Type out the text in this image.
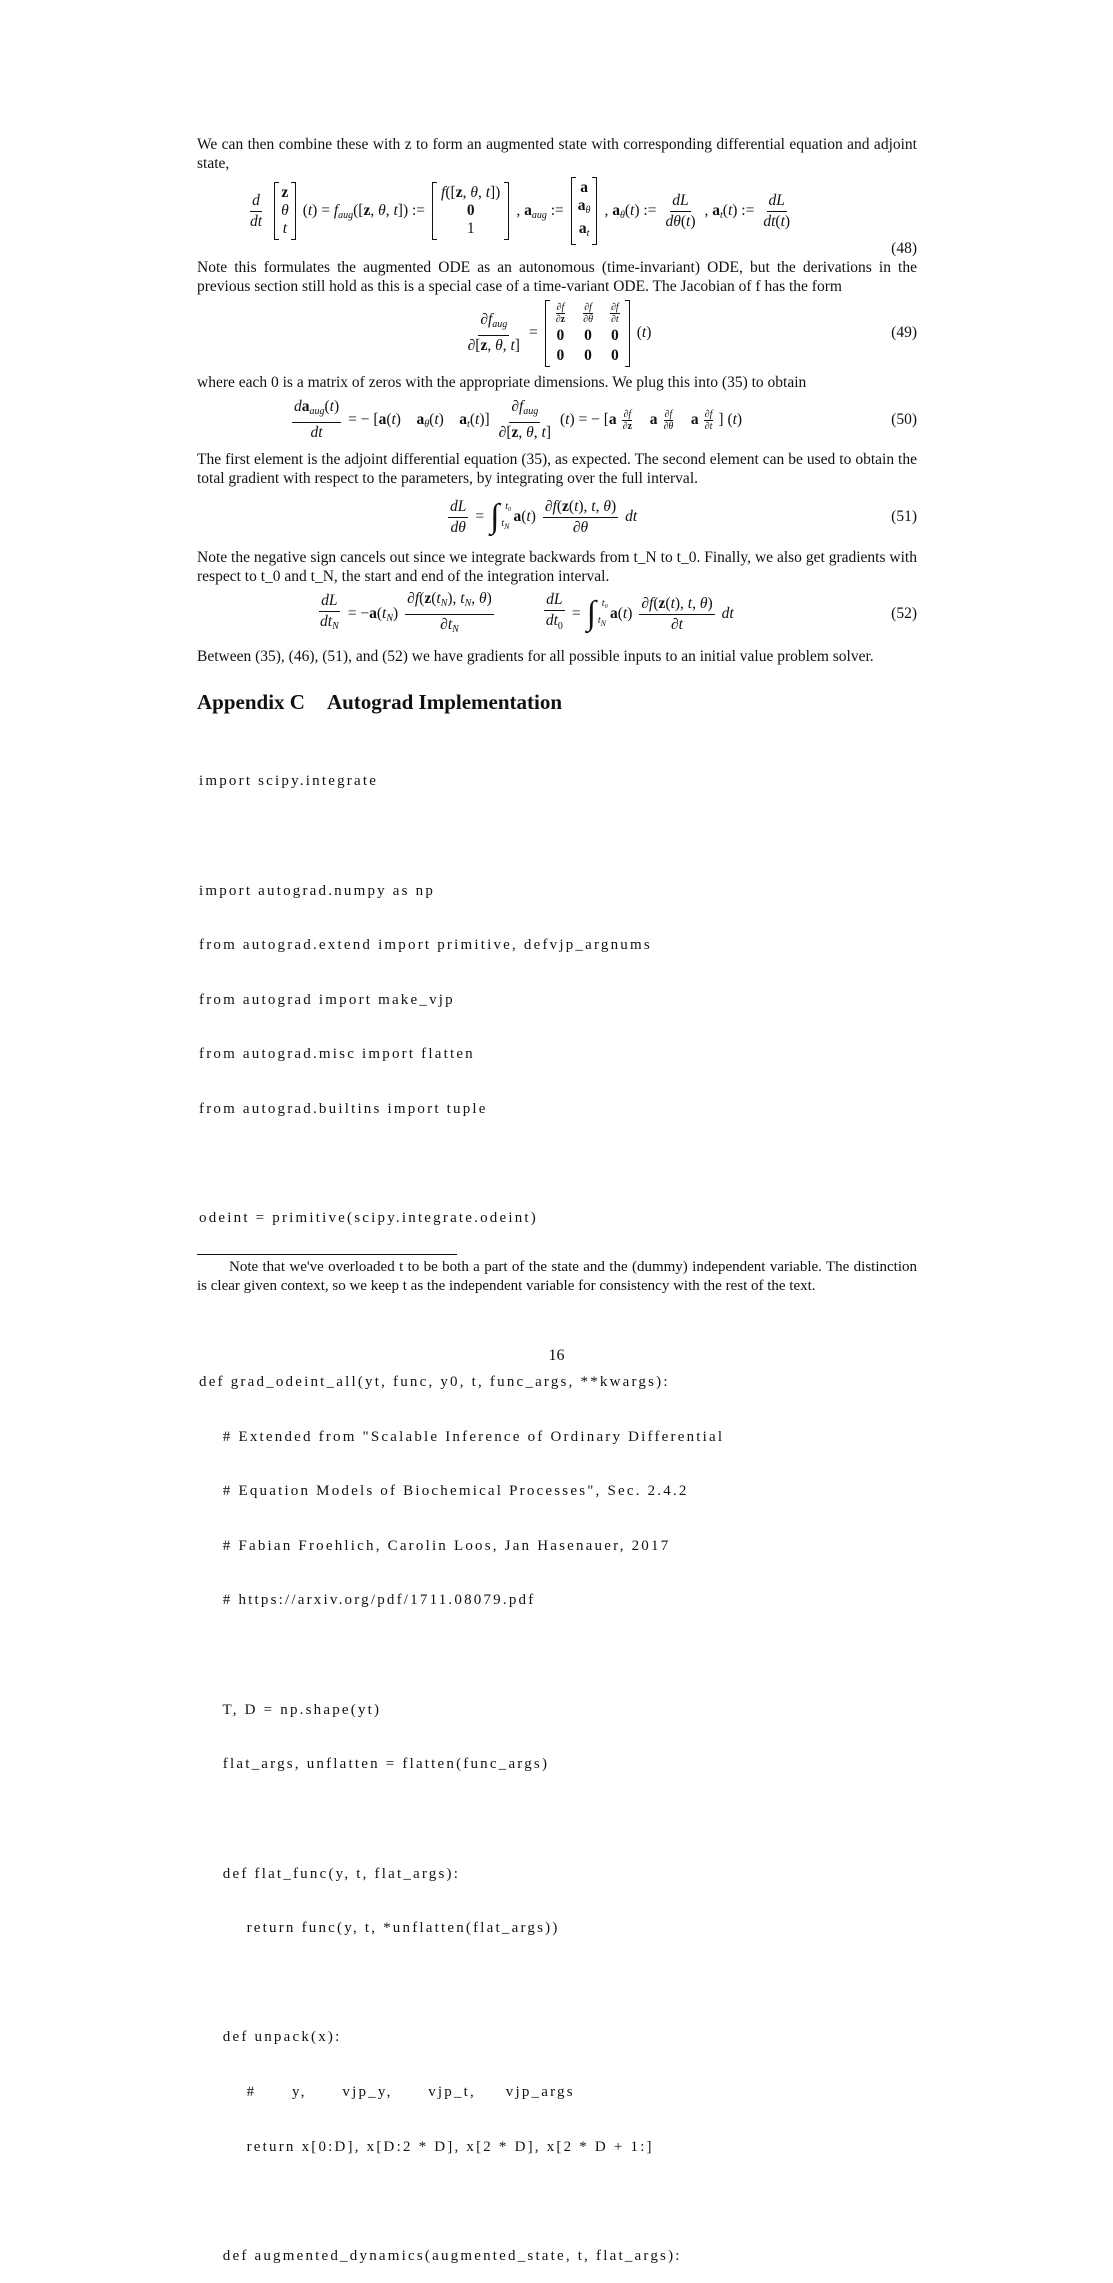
We can then combine these with z to form an augmented state with corresponding differential equation and adjoint state,
$\frac{d}{dt}$ z
θ
t
$(t) = f_{aug}([z$, θ, t]) :=
f([z, θ, t])
0
1
, $a_{aug}$ :=
a
$a_\theta$
$a_t$
, $a_\theta(t)$ := $\frac{dL}{d\theta(t)}$ , $a_t(t)$ := $\frac{dL}{dt(t)}$
(48)
Note this formulates the augmented ODE as an autonomous (time-invariant) ODE, but the derivations in the previous section still hold as this is a special case of a time-variant ODE. The Jacobian of f has the form
$\frac{\partial f_{aug}}{\partial[z, \theta, t]}$ =
$\frac{\partial f}{\partial z} \frac{\partial f}{\partial\theta} \frac{\partial f}{\partial t}$
0 0 0
0 0 0
(t)	(49)
where each 0 is a matrix of zeros with the appropriate dimensions. We plug this into (35) to obtain
$\frac{da_{aug}(t)}{dt}$ = − [a(t)    $a_\theta(t)$    $a_t(t)] \frac{\partial f_{aug}}{\partial[z, \theta, t]} (t)$ = − [$a \frac{\partial f}{\partial z}$	a $\frac{\partial f}{\partial\theta}$	a $\frac{\partial f}{\partial t}$ ] (t)	(50)
The first element is the adjoint differential equation (35), as expected. The second element can be used to obtain the total gradient with respect to the parameters, by integrating over the full interval.
$\frac{dL}{d\theta}$ = ∫ t₀
$t_N$
$a(t) \frac{\partial f(z(t), t, \theta)}{\partial\theta}$ dt	(51)
Note the negative sign cancels out since we integrate backwards from t_N to t_0. Finally, we also get gradients with respect to t_0 and t_N, the start and end of the integration interval.
$\frac{dL}{dt_N} = -a(t_N) \frac{\partial f(z(t_N), t_N, \theta)}{\partial t_N}$	$\frac{dL}{dt_0}$ = ∫ t₀
$t_N$
$a(t) \frac{\partial f(z(t), t, \theta)}{\partial t}$ dt	(52)
Between (35), (46), (51), and (52) we have gradients for all possible inputs to an initial value problem solver.
Appendix C Autograd Implementation

import scipy.integrate

import autograd.numpy as np

from autograd.extend import primitive, defvjp_argnums

from autograd import make_vjp

from autograd.misc import flatten

from autograd.builtins import tuple

odeint = primitive(scipy.integrate.odeint)

def grad_odeint_all(yt, func, y0, t, func_args, **kwargs):

# Extended from "Scalable Inference of Ordinary Differential

# Equation Models of Biochemical Processes", Sec. 2.4.2

# Fabian Froehlich, Carolin Loos, Jan Hasenauer, 2017

# https://arxiv.org/pdf/1711.08079.pdf

T, D = np.shape(yt)

flat_args, unflatten = flatten(func_args)

def flat_func(y, t, flat_args):

return func(y, t, *unflatten(flat_args))

def unpack(x):

#      y,      vjp_y,      vjp_t,     vjp_args

return x[0:D], x[D:2 * D], x[2 * D], x[2 * D + 1:]

def augmented_dynamics(augmented_state, t, flat_args):

Note that we've overloaded t to be both a part of the state and the (dummy) independent variable. The distinction is clear given context, so we keep t as the independent variable for consistency with the rest of the text.
16
